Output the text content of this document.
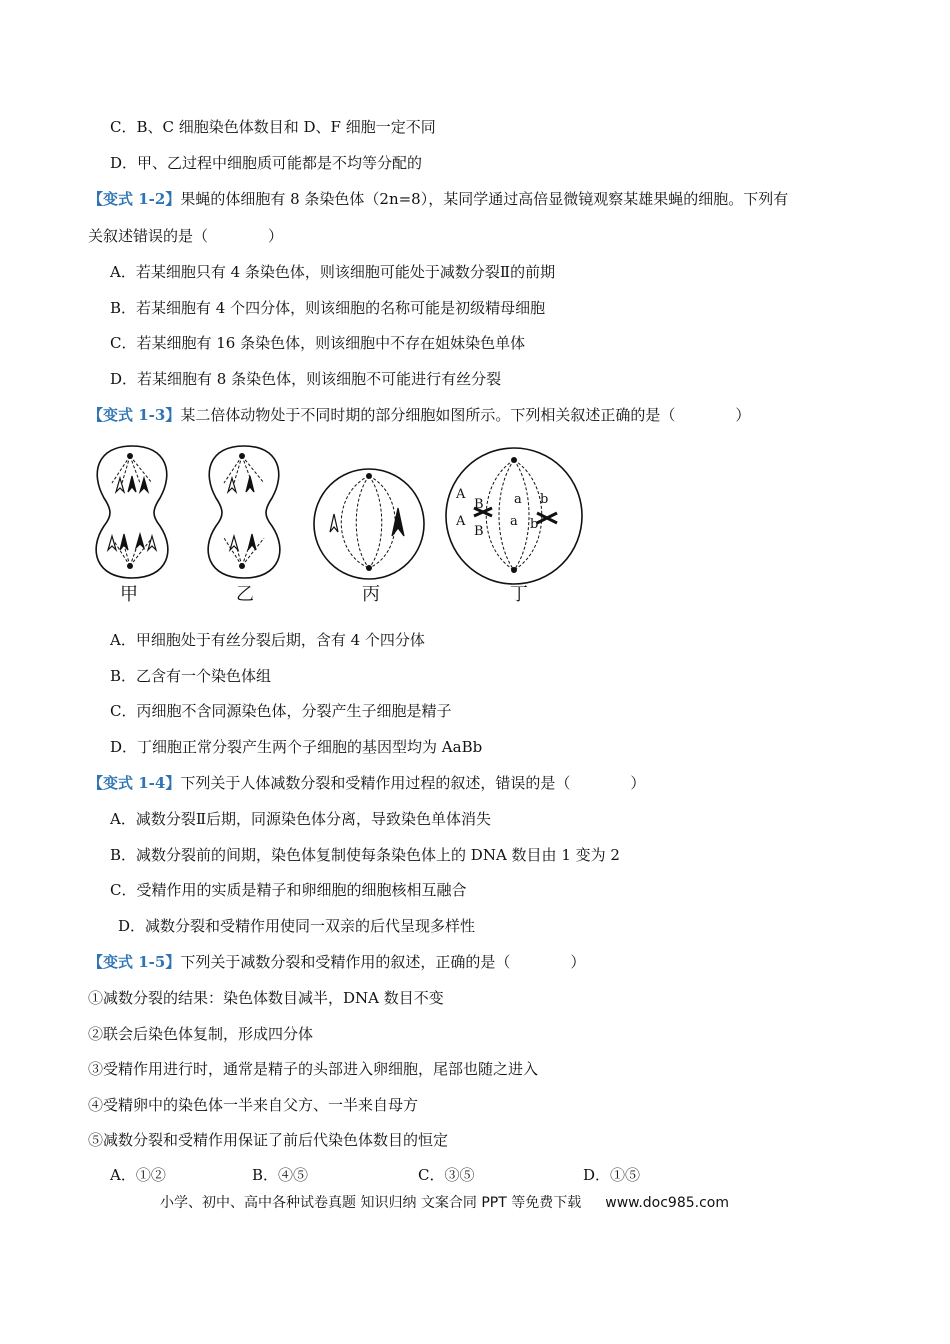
C．B、C 细胞染色体数目和 D、F 细胞一定不同
D．甲、乙过程中细胞质可能都是不均等分配的
【变式 1-2】果蝇的体细胞有 8 条染色体（2n=8），某同学通过高倍显微镜观察某雄果蝇的细胞。下列有
关叙述错误的是（　　　　）
A．若某细胞只有 4 条染色体，则该细胞可能处于减数分裂Ⅱ的前期
B．若某细胞有 4 个四分体，则该细胞的名称可能是初级精母细胞
C．若某细胞有 16 条染色体，则该细胞中不存在姐妹染色单体
D．若某细胞有 8 条染色体，则该细胞不可能进行有丝分裂
【变式 1-3】某二倍体动物处于不同时期的部分细胞如图所示。下列相关叙述正确的是（　　　　）
A
B
A
B
a b
a b
甲	乙	丙	丁
A．甲细胞处于有丝分裂后期，含有 4 个四分体
B．乙含有一个染色体组
C．丙细胞不含同源染色体，分裂产生子细胞是精子
D．丁细胞正常分裂产生两个子细胞的基因型均为 AaBb
【变式 1-4】下列关于人体减数分裂和受精作用过程的叙述，错误的是（　　　　）
A．减数分裂Ⅱ后期，同源染色体分离，导致染色单体消失
B．减数分裂前的间期，染色体复制使每条染色体上的 DNA 数目由 1 变为 2
C．受精作用的实质是精子和卵细胞的细胞核相互融合
D．减数分裂和受精作用使同一双亲的后代呈现多样性
【变式 1-5】下列关于减数分裂和受精作用的叙述，正确的是（　　　　）
①减数分裂的结果：染色体数目减半，DNA 数目不变
②联会后染色体复制，形成四分体
③受精作用进行时，通常是精子的头部进入卵细胞，尾部也随之进入
④受精卵中的染色体一半来自父方、一半来自母方
⑤减数分裂和受精作用保证了前后代染色体数目的恒定
A．①②	B．④⑤	C．③⑤	D．①⑤
小学、初中、高中各种试卷真题 知识归纳 文案合同 PPT 等免费下载 www.doc985.com
